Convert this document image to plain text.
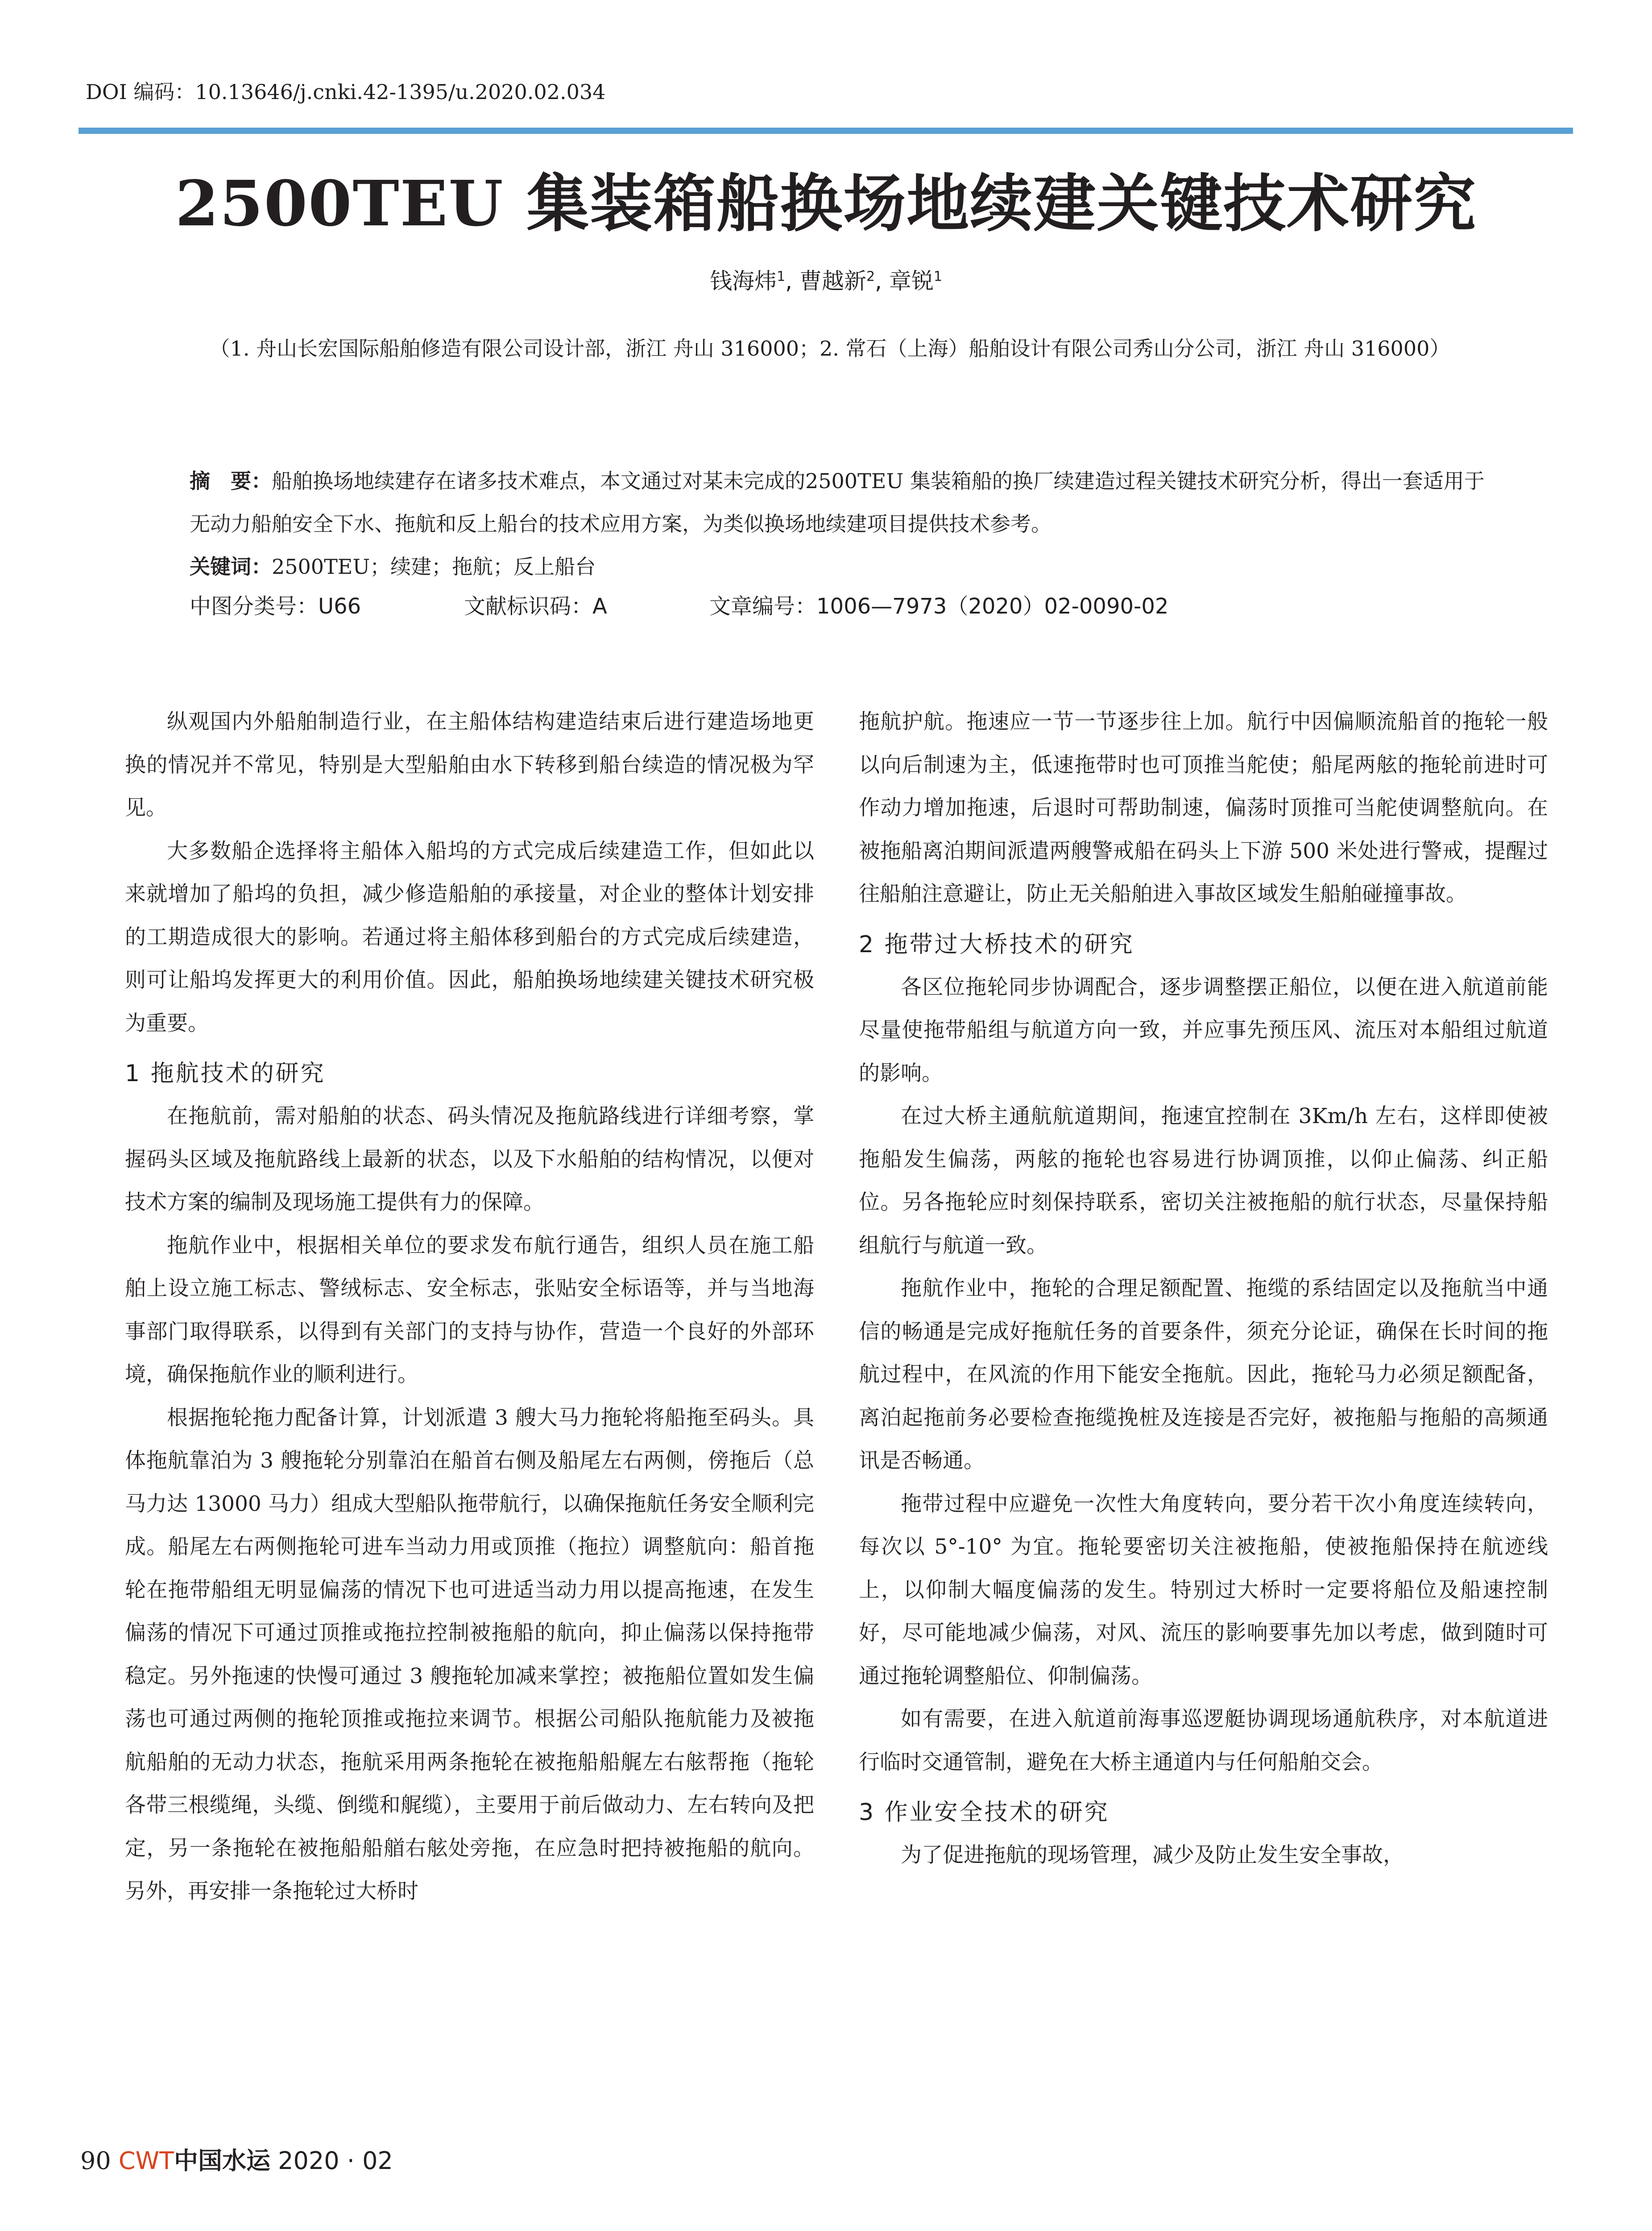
DOI 编码：10.13646/j.cnki.42-1395/u.2020.02.034
2500TEU 集装箱船换场地续建关键技术研究
钱海炜$^1$, 曹越新$^2$, 章锐$^1$
（1. 舟山长宏国际船舶修造有限公司设计部，浙江 舟山 316000；2. 常石（上海）船舶设计有限公司秀山分公司，浙江 舟山 316000）

摘　要：船舶换场地续建存在诸多技术难点，本文通过对某未完成的2500TEU 集装箱船的换厂续建造过程关键技术研究分析，得出一套适用于无动力船舶安全下水、拖航和反上船台的技术应用方案，为类似换场地续建项目提供技术参考。

关键词：2500TEU；续建；拖航；反上船台

中图分类号：U66	文献标识码：A	文章编号：1006—7973（2020）02-0090-02

纵观国内外船舶制造行业，在主船体结构建造结束后进行建造场地更换的情况并不常见，特别是大型船舶由水下转移到船台续造的情况极为罕见。

大多数船企选择将主船体入船坞的方式完成后续建造工作，但如此以来就增加了船坞的负担，减少修造船舶的承接量，对企业的整体计划安排的工期造成很大的影响。若通过将主船体移到船台的方式完成后续建造，则可让船坞发挥更大的利用价值。因此，船舶换场地续建关键技术研究极为重要。

1 拖航技术的研究

在拖航前，需对船舶的状态、码头情况及拖航路线进行详细考察，掌握码头区域及拖航路线上最新的状态，以及下水船舶的结构情况，以便对技术方案的编制及现场施工提供有力的保障。

拖航作业中，根据相关单位的要求发布航行通告，组织人员在施工船舶上设立施工标志、警绒标志、安全标志，张贴安全标语等，并与当地海事部门取得联系，以得到有关部门的支持与协作，营造一个良好的外部环境，确保拖航作业的顺利进行。

根据拖轮拖力配备计算，计划派遣 3 艘大马力拖轮将船拖至码头。具体拖航靠泊为 3 艘拖轮分别靠泊在船首右侧及船尾左右两侧，傍拖后（总马力达 13000 马力）组成大型船队拖带航行，以确保拖航任务安全顺利完成。船尾左右两侧拖轮可进车当动力用或顶推（拖拉）调整航向：船首拖轮在拖带船组无明显偏荡的情况下也可进适当动力用以提高拖速，在发生偏荡的情况下可通过顶推或拖拉控制被拖船的航向，抑止偏荡以保持拖带稳定。另外拖速的快慢可通过 3 艘拖轮加减来掌控；被拖船位置如发生偏荡也可通过两侧的拖轮顶推或拖拉来调节。根据公司船队拖航能力及被拖航船舶的无动力状态，拖航采用两条拖轮在被拖船船艉左右舷帮拖（拖轮各带三根缆绳，头缆、倒缆和艉缆），主要用于前后做动力、左右转向及把定，另一条拖轮在被拖船船艏右舷处旁拖，在应急时把持被拖船的航向。另外，再安排一条拖轮过大桥时

拖航护航。拖速应一节一节逐步往上加。航行中因偏顺流船首的拖轮一般以向后制速为主，低速拖带时也可顶推当舵使；船尾两舷的拖轮前进时可作动力增加拖速，后退时可帮助制速，偏荡时顶推可当舵使调整航向。在被拖船离泊期间派遣两艘警戒船在码头上下游 500 米处进行警戒，提醒过往船舶注意避让，防止无关船舶进入事故区域发生船舶碰撞事故。

2 拖带过大桥技术的研究

各区位拖轮同步协调配合，逐步调整摆正船位，以便在进入航道前能尽量使拖带船组与航道方向一致，并应事先预压风、流压对本船组过航道的影响。

在过大桥主通航航道期间，拖速宜控制在 3Km/h 左右，这样即使被拖船发生偏荡，两舷的拖轮也容易进行协调顶推，以仰止偏荡、纠正船位。另各拖轮应时刻保持联系，密切关注被拖船的航行状态，尽量保持船组航行与航道一致。

拖航作业中，拖轮的合理足额配置、拖缆的系结固定以及拖航当中通信的畅通是完成好拖航任务的首要条件，须充分论证，确保在长时间的拖航过程中，在风流的作用下能安全拖航。因此，拖轮马力必须足额配备，离泊起拖前务必要检查拖缆挽桩及连接是否完好，被拖船与拖船的高频通讯是否畅通。

拖带过程中应避免一次性大角度转向，要分若干次小角度连续转向，每次以 5°-10° 为宜。拖轮要密切关注被拖船，使被拖船保持在航迹线上，以仰制大幅度偏荡的发生。特别过大桥时一定要将船位及船速控制好，尽可能地减少偏荡，对风、流压的影响要事先加以考虑，做到随时可通过拖轮调整船位、仰制偏荡。

如有需要，在进入航道前海事巡逻艇协调现场通航秩序，对本航道进行临时交通管制，避免在大桥主通道内与任何船舶交会。

3 作业安全技术的研究

为了促进拖航的现场管理，减少及防止发生安全事故，

90 CWT中国水运 2020 · 02
